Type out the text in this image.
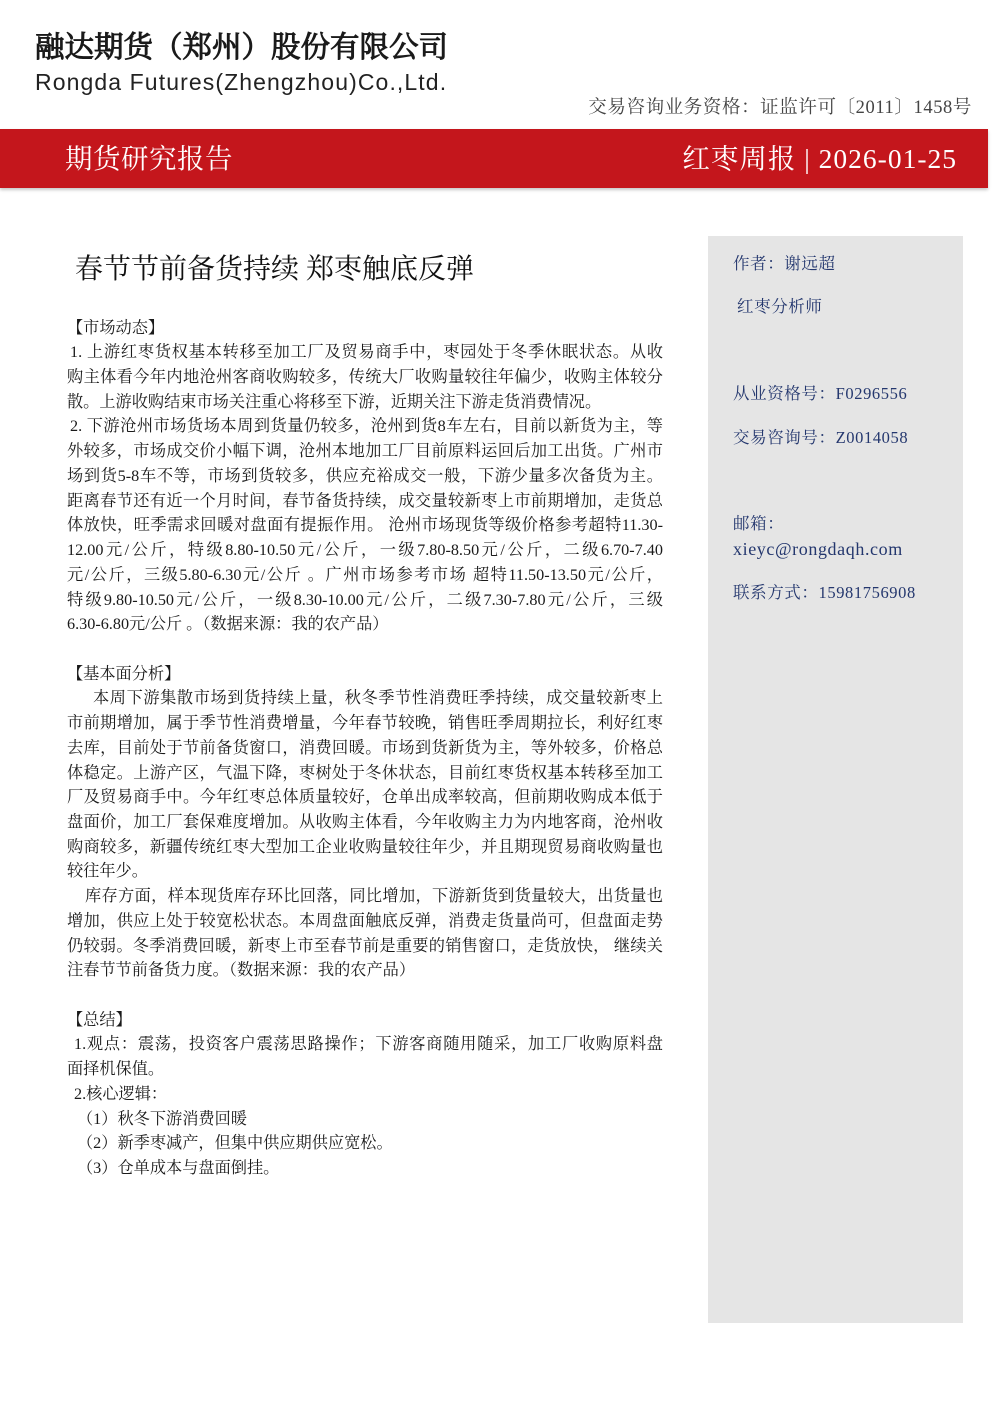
融达期货（郑州）股份有限公司
Rongda Futures(Zhengzhou)Co.,Ltd.
交易咨询业务资格：证监许可〔2011〕1458号
期货研究报告	红枣周报 | 2026-01-25
春节节前备货持续 郑枣触底反弹
【市场动态】
1. 上游红枣货权基本转移至加工厂及贸易商手中，枣园处于冬季休眠状态。从收
购主体看今年内地沧州客商收购较多，传统大厂收购量较往年偏少，收购主体较分
散。上游收购结束市场关注重心将移至下游，近期关注下游走货消费情况。
2. 下游沧州市场货场本周到货量仍较多，沧州到货8车左右，目前以新货为主，等
外较多，市场成交价小幅下调，沧州本地加工厂目前原料运回后加工出货。广州市
场到货5-8车不等，市场到货较多，供应充裕成交一般，下游少量多次备货为主。
距离春节还有近一个月时间，春节备货持续，成交量较新枣上市前期增加，走货总
体放快，旺季需求回暖对盘面有提振作用。 沧州市场现货等级价格参考超特11.30-
12.00元/公斤，特级8.80-10.50元/公斤，一级7.80-8.50元/公斤，二级6.70-7.40
元/公斤，三级5.80-6.30元/公斤 。广州市场参考市场 超特11.50-13.50元/公斤，
特级9.80-10.50元/公斤，一级8.30-10.00元/公斤，二级7.30-7.80元/公斤，三级
6.30-6.80元/公斤 。（数据来源：我的农产品）
【基本面分析】
本周下游集散市场到货持续上量，秋冬季节性消费旺季持续，成交量较新枣上
市前期增加，属于季节性消费增量，今年春节较晚，销售旺季周期拉长，利好红枣
去库，目前处于节前备货窗口，消费回暖。市场到货新货为主，等外较多，价格总
体稳定。上游产区，气温下降，枣树处于冬休状态，目前红枣货权基本转移至加工
厂及贸易商手中。今年红枣总体质量较好，仓单出成率较高，但前期收购成本低于
盘面价，加工厂套保难度增加。从收购主体看，今年收购主力为内地客商，沧州收
购商较多，新疆传统红枣大型加工企业收购量较往年少，并且期现贸易商收购量也
较往年少。
库存方面，样本现货库存环比回落，同比增加，下游新货到货量较大，出货量也
增加，供应上处于较宽松状态。本周盘面触底反弹，消费走货量尚可，但盘面走势
仍较弱。冬季消费回暖，新枣上市至春节前是重要的销售窗口，走货放快， 继续关
注春节节前备货力度。（数据来源：我的农产品）
【总结】
1.观点：震荡，投资客户震荡思路操作；下游客商随用随采，加工厂收购原料盘
面择机保值。
2.核心逻辑：
（1）秋冬下游消费回暖
（2）新季枣减产，但集中供应期供应宽松。
（3）仓单成本与盘面倒挂。
作者：谢远超
红枣分析师
从业资格号：F0296556
交易咨询号：Z0014058
邮箱：
xieyc@rongdaqh.com
联系方式：15981756908
